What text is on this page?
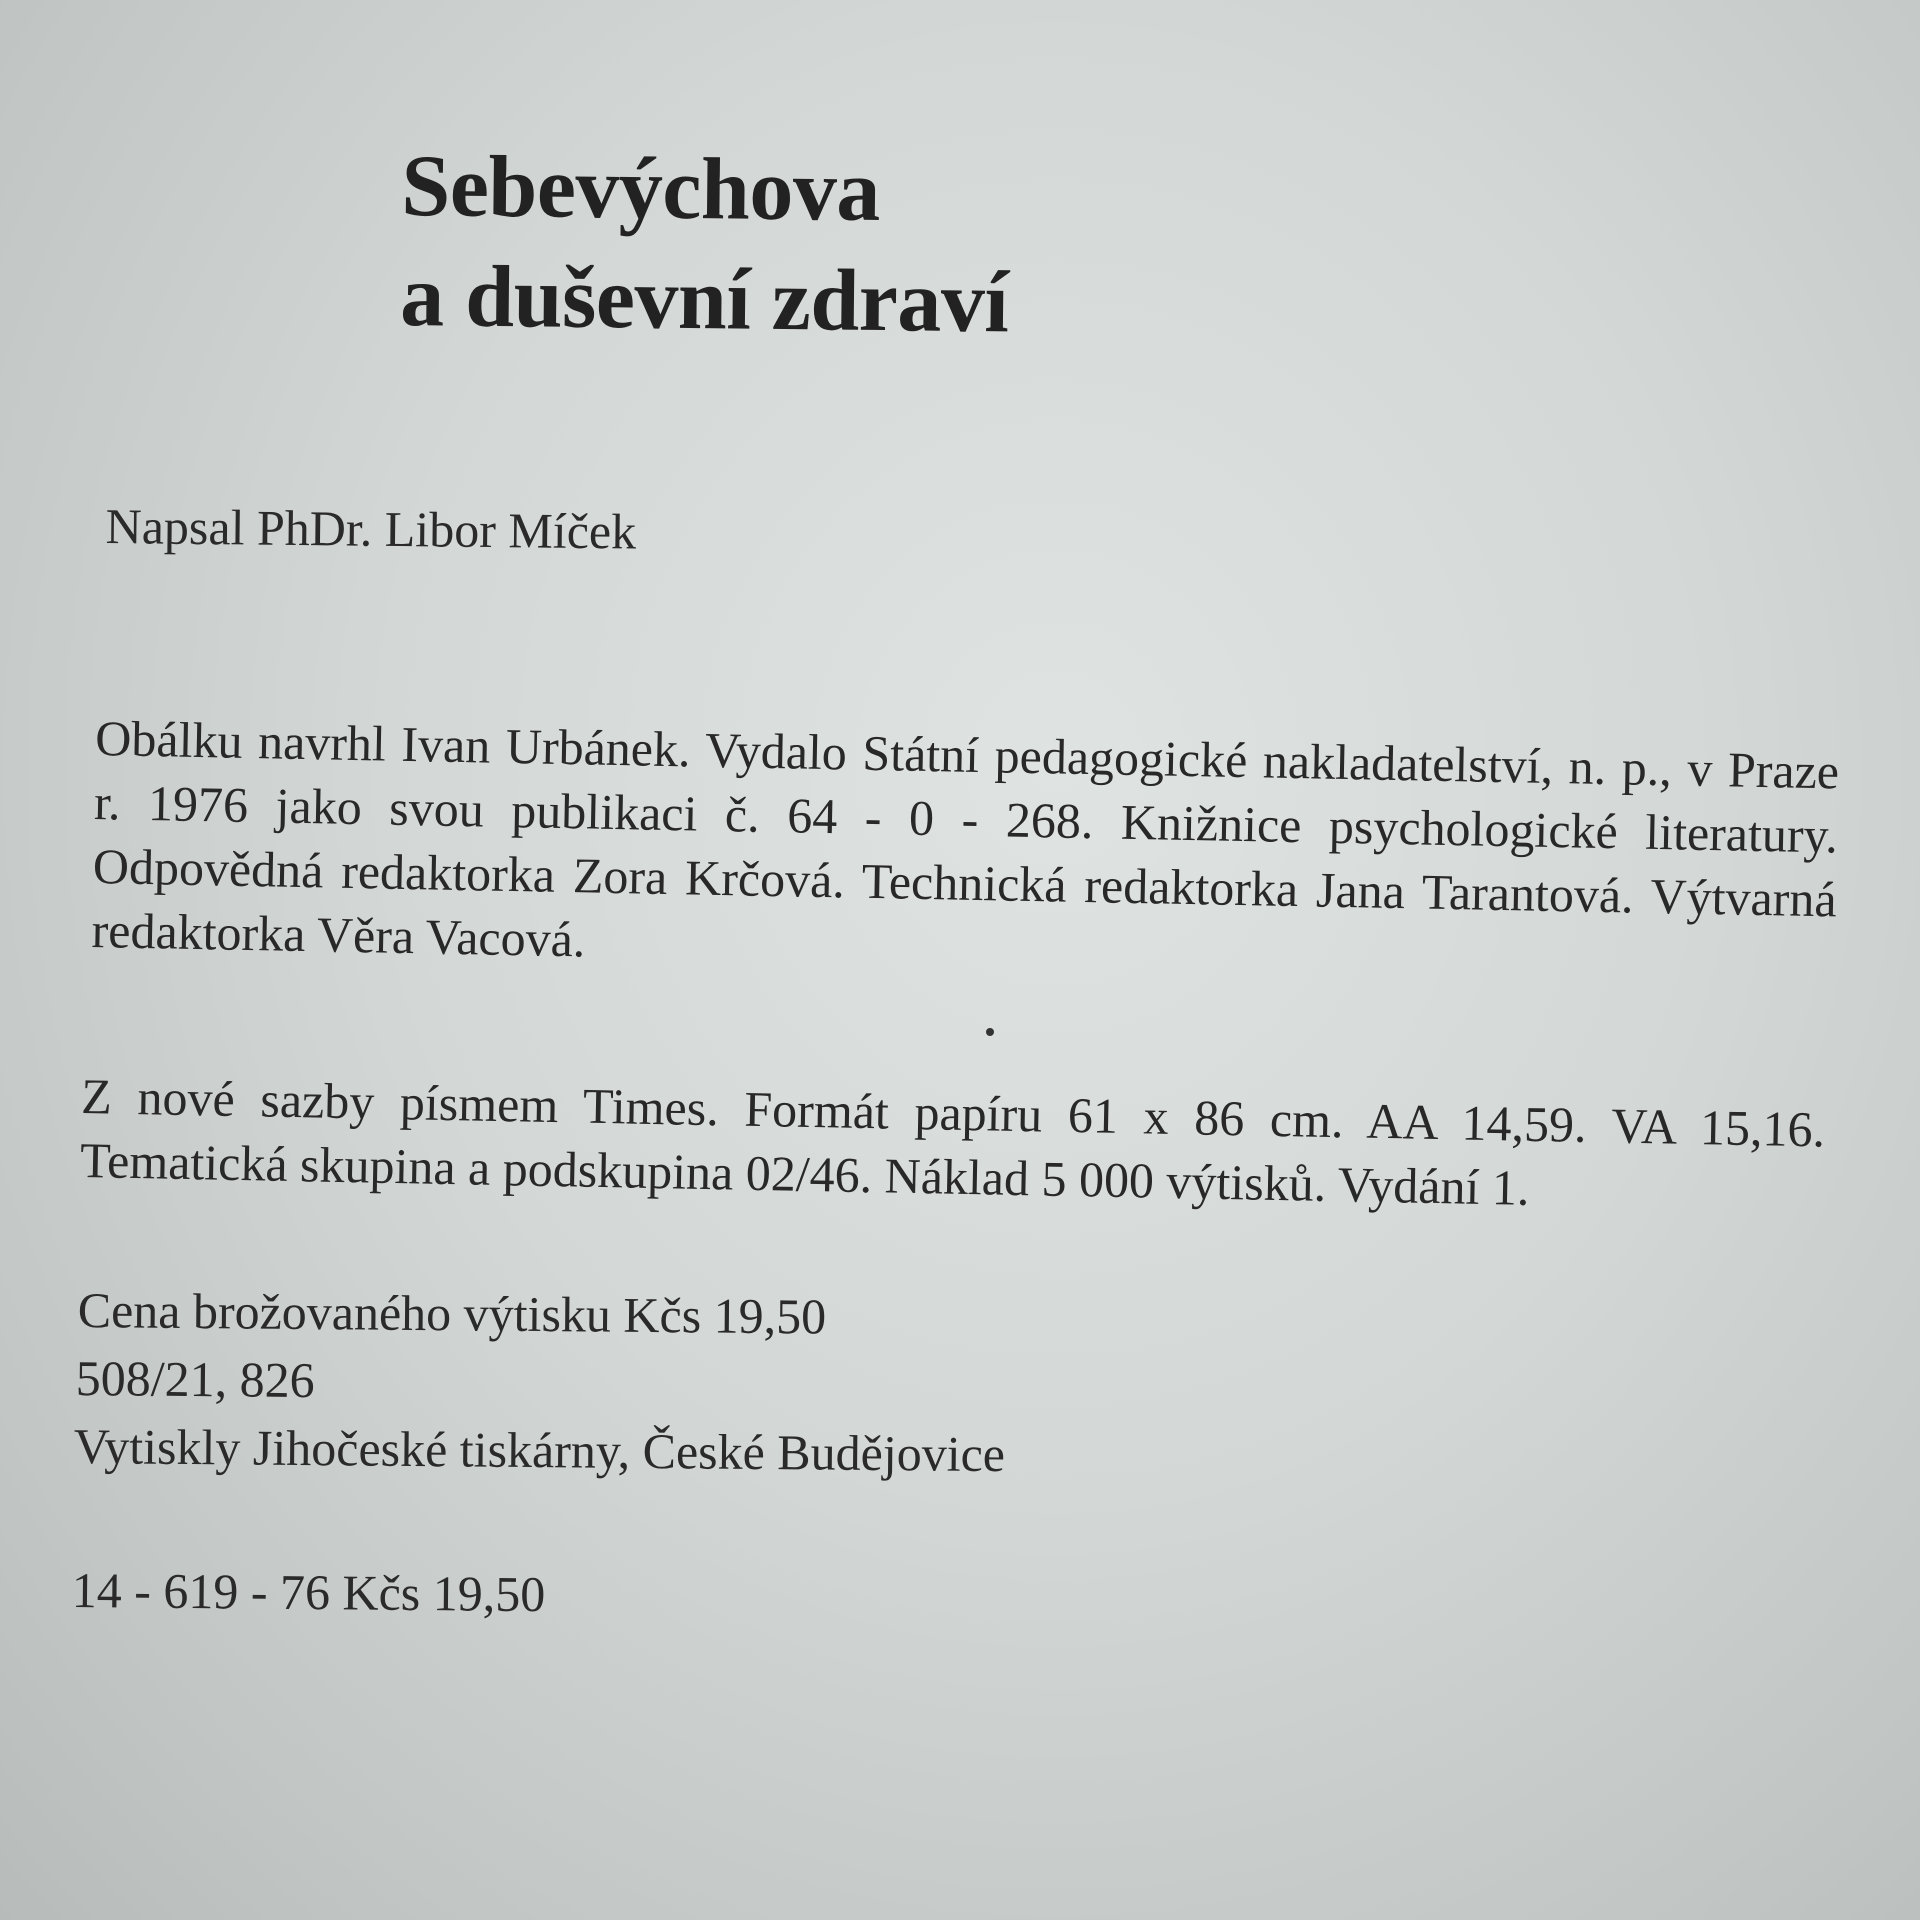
Sebevýchova
a duševní zdraví

Napsal PhDr. Libor Míček

Obálku navrhl Ivan Urbánek. Vydalo Státní pedagogické nakladatelství, n. p., v Praze r. 1976 jako svou publikaci č. 64 - 0 - 268. Knižnice psychologické literatury. Odpovědná redaktorka Zora Krčová. Technická redaktorka Jana Tarantová. Výtvarná redaktorka Věra Vacová.

Z nové sazby písmem Times. Formát papíru 61 x 86 cm. AA 14,59. VA 15,16. Tematická skupina a podskupina 02/46. Náklad 5 000 výtisků. Vydání 1.

Cena brožovaného výtisku Kčs 19,50

508/21, 826

Vytiskly Jihočeské tiskárny, České Budějovice

14 - 619 - 76 Kčs 19,50
